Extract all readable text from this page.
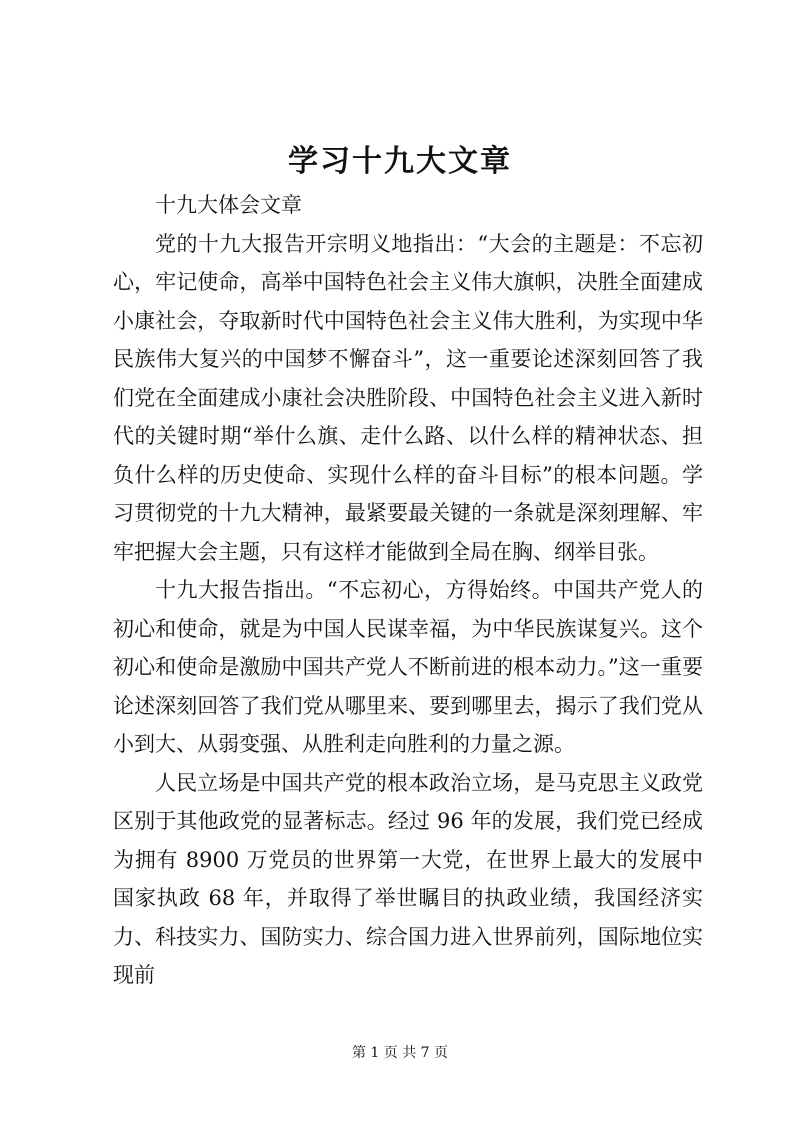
学习十九大文章

十九大体会文章

党的十九大报告开宗明义地指出：“大会的主题是：不忘初心，牢记使命，高举中国特色社会主义伟大旗帜，决胜全面建成小康社会，夺取新时代中国特色社会主义伟大胜利，为实现中华民族伟大复兴的中国梦不懈奋斗”，这一重要论述深刻回答了我们党在全面建成小康社会决胜阶段、中国特色社会主义进入新时代的关键时期“举什么旗、走什么路、以什么样的精神状态、担负什么样的历史使命、实现什么样的奋斗目标”的根本问题。学习贯彻党的十九大精神，最紧要最关键的一条就是深刻理解、牢牢把握大会主题，只有这样才能做到全局在胸、纲举目张。

十九大报告指出。“不忘初心，方得始终。中国共产党人的初心和使命，就是为中国人民谋幸福，为中华民族谋复兴。这个初心和使命是激励中国共产党人不断前进的根本动力。”这一重要论述深刻回答了我们党从哪里来、要到哪里去，揭示了我们党从小到大、从弱变强、从胜利走向胜利的力量之源。

人民立场是中国共产党的根本政治立场，是马克思主义政党区别于其他政党的显著标志。经过 96 年的发展，我们党已经成为拥有 8900 万党员的世界第一大党，在世界上最大的发展中国家执政 68 年，并取得了举世瞩目的执政业绩，我国经济实力、科技实力、国防实力、综合国力进入世界前列，国际地位实现前

第 1 页 共 7 页
